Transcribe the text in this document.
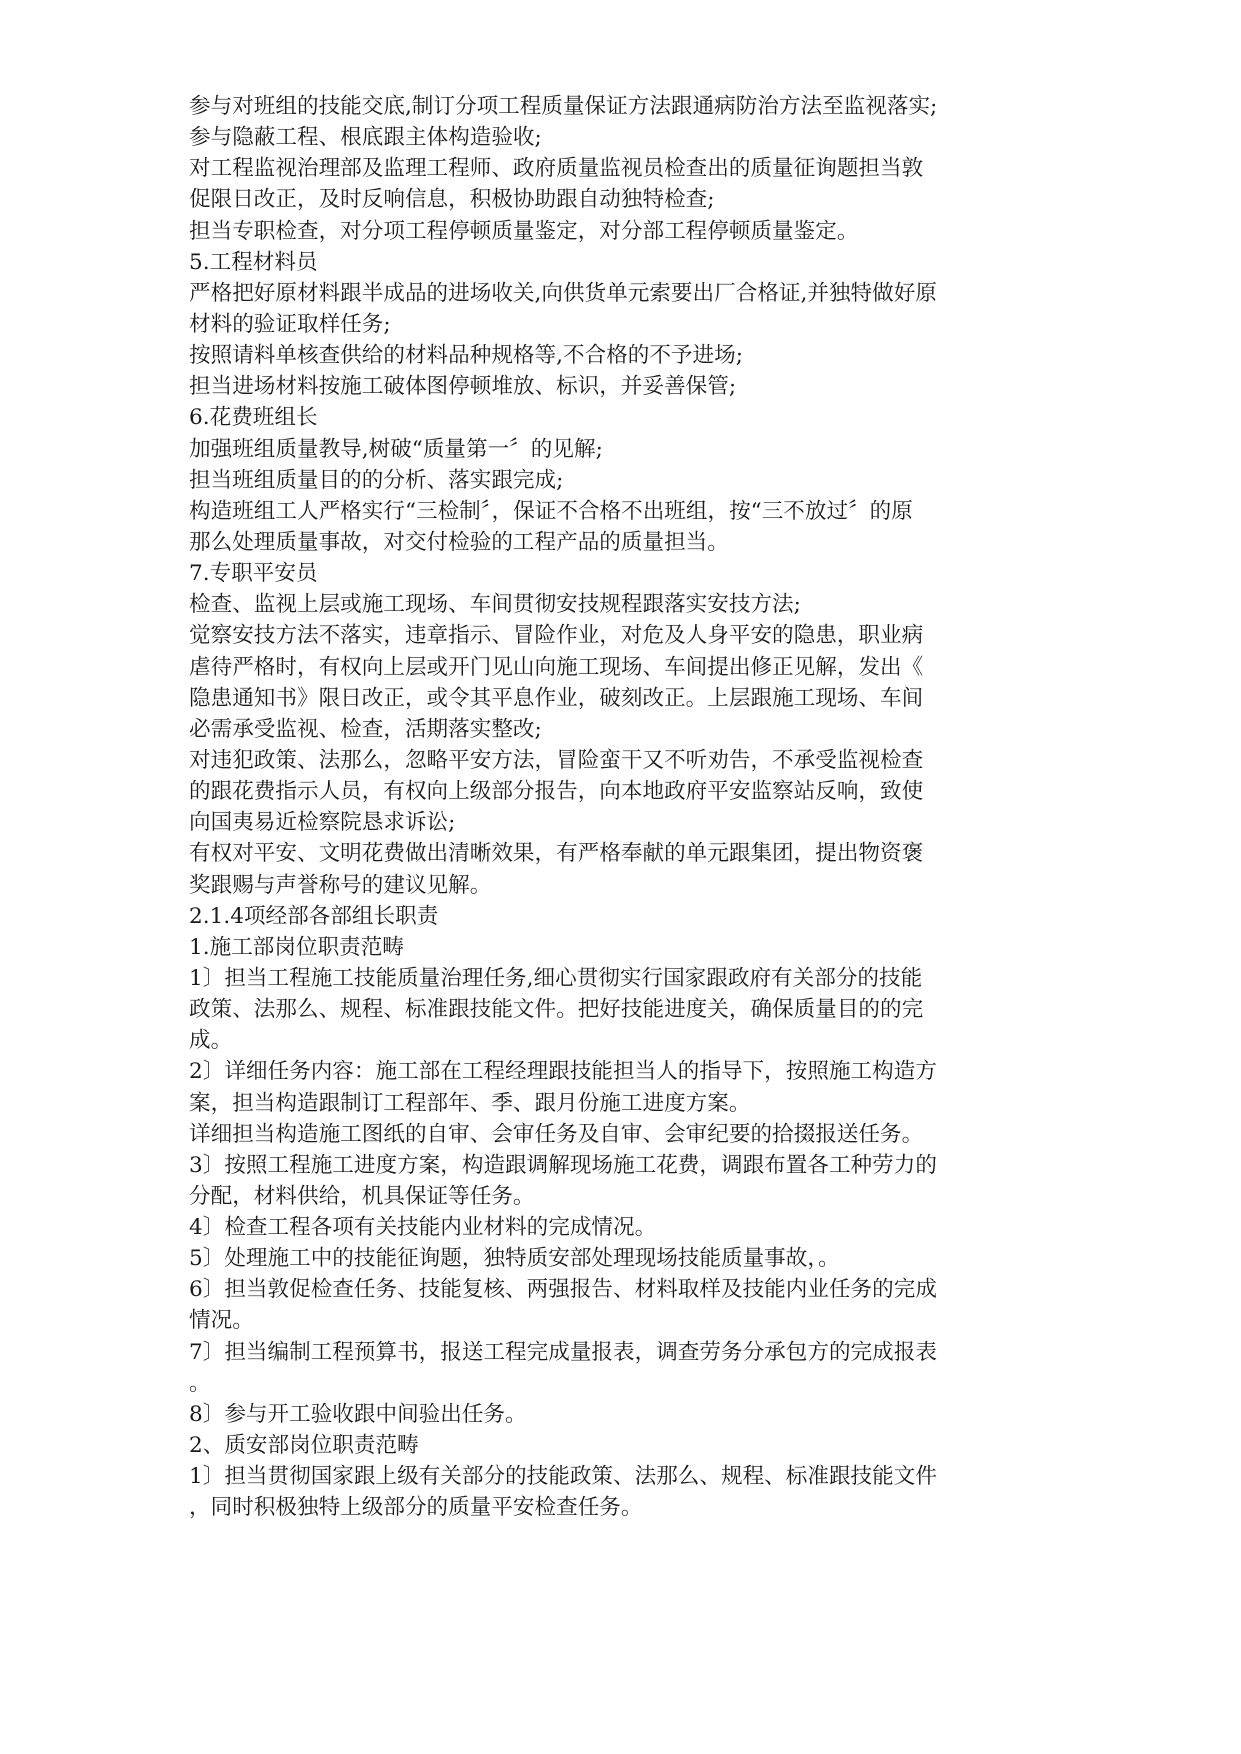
参与对班组的技能交底,制订分项工程质量保证方法跟通病防治方法至监视落实;
参与隐蔽工程、根底跟主体构造验收;
对工程监视治理部及监理工程师、政府质量监视员检查出的质量征询题担当敦
促限日改正，及时反响信息，积极协助跟自动独特检查;
担当专职检查，对分项工程停顿质量鉴定，对分部工程停顿质量鉴定。
5.工程材料员
严格把好原材料跟半成品的进场收关,向供货单元索要出厂合格证,并独特做好原
材料的验证取样任务;
按照请料单核查供给的材料品种规格等,不合格的不予进场;
担当进场材料按施工破体图停顿堆放、标识，并妥善保管;
6.花费班组长
加强班组质量教导,树破“质量第一〞的见解;
担当班组质量目的的分析、落实跟完成;
构造班组工人严格实行“三检制〞，保证不合格不出班组，按“三不放过〞的原
那么处理质量事故，对交付检验的工程产品的质量担当。
7.专职平安员
检查、监视上层或施工现场、车间贯彻安技规程跟落实安技方法;
觉察安技方法不落实，违章指示、冒险作业，对危及人身平安的隐患，职业病
虐待严格时，有权向上层或开门见山向施工现场、车间提出修正见解，发出《
隐患通知书》限日改正，或令其平息作业，破刻改正。上层跟施工现场、车间
必需承受监视、检查，活期落实整改;
对违犯政策、法那么，忽略平安方法，冒险蛮干又不听劝告，不承受监视检查
的跟花费指示人员，有权向上级部分报告，向本地政府平安监察站反响，致使
向国夷易近检察院恳求诉讼;
有权对平安、文明花费做出清晰效果，有严格奉献的单元跟集团，提出物资褒
奖跟赐与声誉称号的建议见解。
2.1.4项经部各部组长职责
1.施工部岗位职责范畴
1〕担当工程施工技能质量治理任务,细心贯彻实行国家跟政府有关部分的技能
政策、法那么、规程、标准跟技能文件。把好技能进度关，确保质量目的的完
成。
2〕详细任务内容：施工部在工程经理跟技能担当人的指导下，按照施工构造方
案，担当构造跟制订工程部年、季、跟月份施工进度方案。
详细担当构造施工图纸的自审、会审任务及自审、会审纪要的拾掇报送任务。
3〕按照工程施工进度方案，构造跟调解现场施工花费，调跟布置各工种劳力的
分配，材料供给，机具保证等任务。
4〕检查工程各项有关技能内业材料的完成情况。
5〕处理施工中的技能征询题，独特质安部处理现场技能质量事故，。
6〕担当敦促检查任务、技能复核、两强报告、材料取样及技能内业任务的完成
情况。
7〕担当编制工程预算书，报送工程完成量报表，调查劳务分承包方的完成报表
。
8〕参与开工验收跟中间验出任务。
2、质安部岗位职责范畴
1〕担当贯彻国家跟上级有关部分的技能政策、法那么、规程、标准跟技能文件
，同时积极独特上级部分的质量平安检查任务。
